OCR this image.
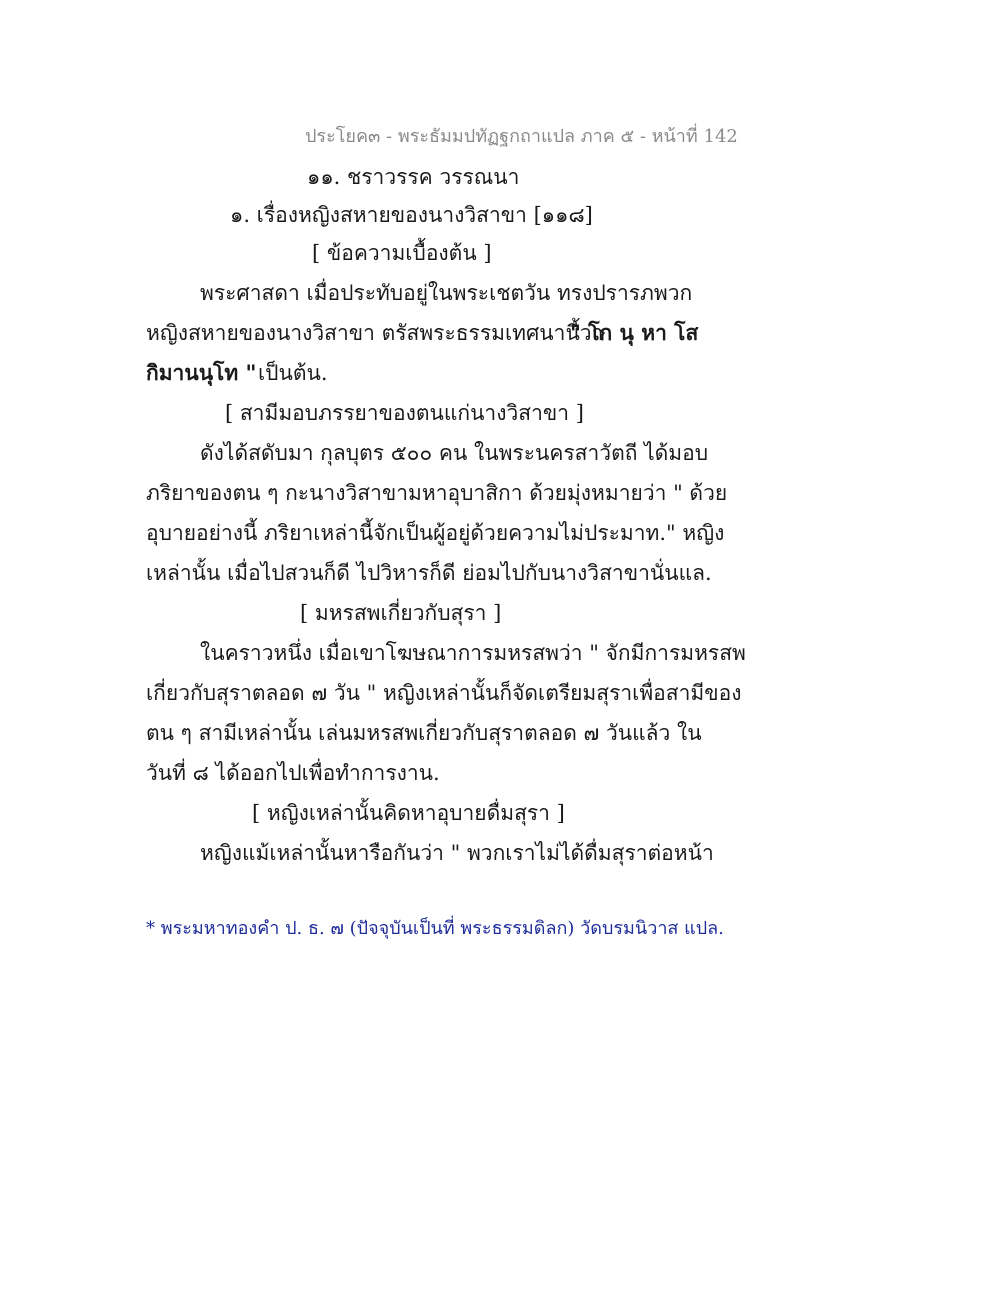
ประโยค๓ - พระธัมมปทัฏฐกถาแปล ภาค ๕ - หน้าที่ 142
๑๑. ชราวรรค วรรณนา
๑. เรื่องหญิงสหายของนางวิสาขา [๑๑๘]
[ ข้อความเบื้องต้น ]
พระศาสดา เมื่อประทับอยู่ในพระเชตวัน ทรงปรารภพวก
หญิงสหายของนางวิสาขา ตรัสพระธรรมเทศนานี้ว่า
" โก นุ หา โส
กิมานนุโท " เป็นต้น.
[ สามีมอบภรรยาของตนแก่นางวิสาขา ]
ดังได้สดับมา กุลบุตร ๕๐๐ คน ในพระนครสาวัตถี ได้มอบ
ภริยาของตน ๆ กะนางวิสาขามหาอุบาสิกา ด้วยมุ่งหมายว่า " ด้วย
อุบายอย่างนี้ ภริยาเหล่านี้จักเป็นผู้อยู่ด้วยความไม่ประมาท." หญิง
เหล่านั้น เมื่อไปสวนก็ดี ไปวิหารก็ดี ย่อมไปกับนางวิสาขานั่นแล.
[ มหรสพเกี่ยวกับสุรา ]
ในคราวหนึ่ง เมื่อเขาโฆษณาการมหรสพว่า " จักมีการมหรสพ
เกี่ยวกับสุราตลอด ๗ วัน " หญิงเหล่านั้นก็จัดเตรียมสุราเพื่อสามีของ
ตน ๆ สามีเหล่านั้น เล่นมหรสพเกี่ยวกับสุราตลอด ๗ วันแล้ว ใน
วันที่ ๘ ได้ออกไปเพื่อทำการงาน.
[ หญิงเหล่านั้นคิดหาอุบายดื่มสุรา ]
หญิงแม้เหล่านั้นหารือกันว่า " พวกเราไม่ได้ดื่มสุราต่อหน้า
* พระมหาทองคำ ป. ธ. ๗ (ปัจจุบันเป็นที่ พระธรรมดิลก) วัดบรมนิวาส แปล.
